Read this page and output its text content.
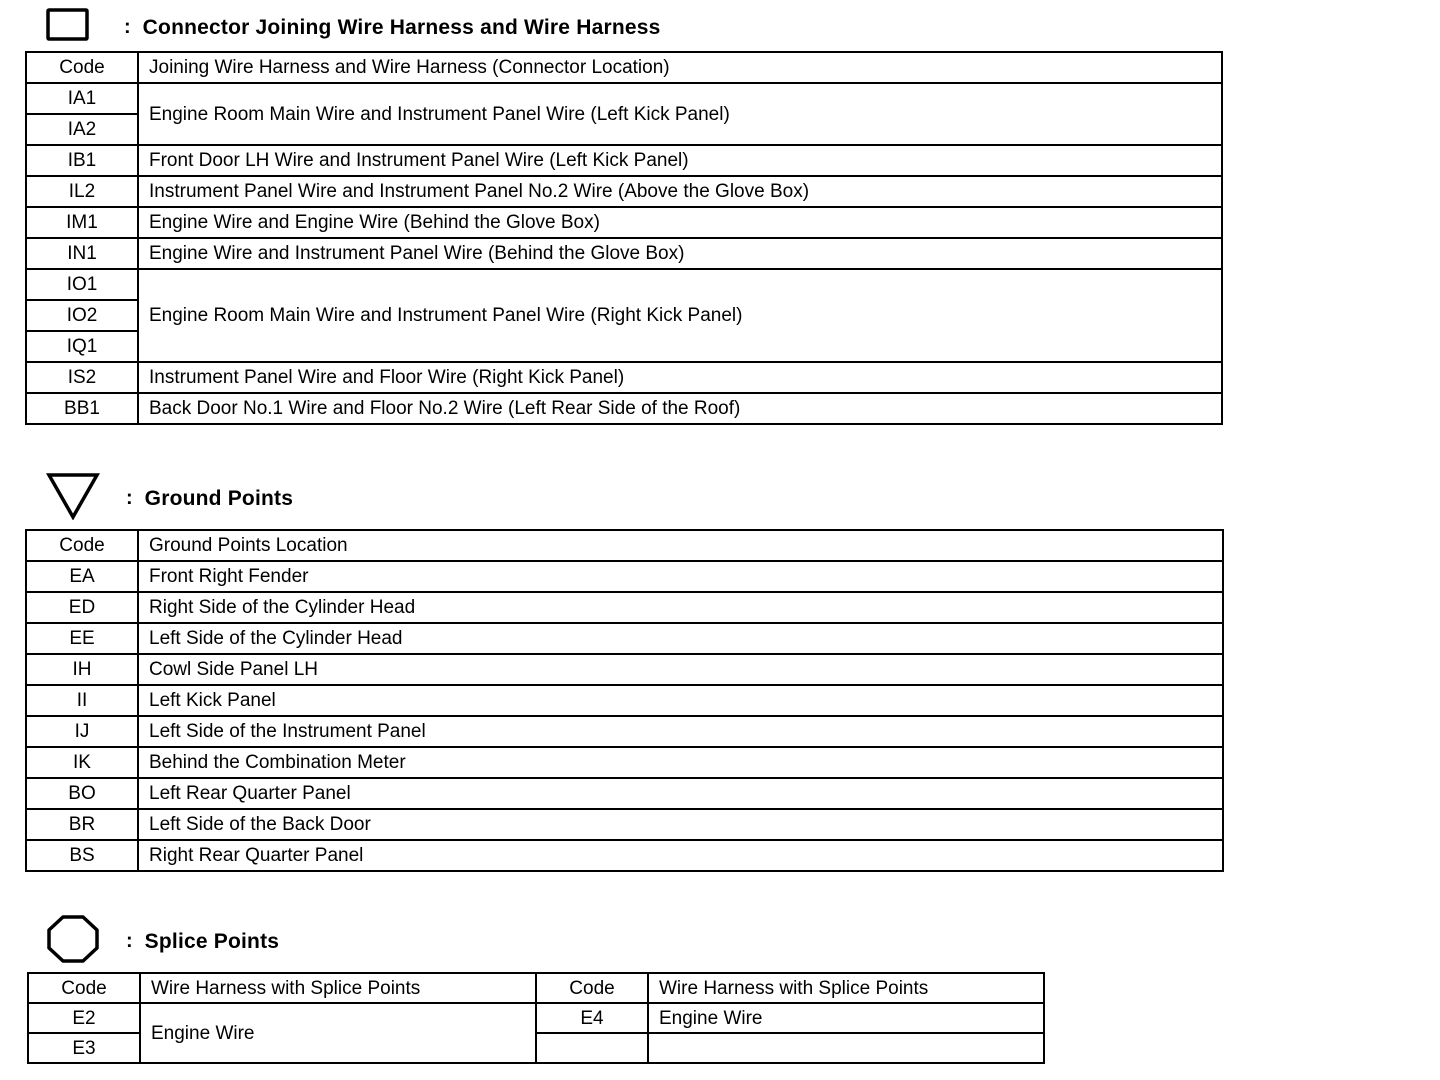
: Connector Joining Wire Harness and Wire Harness
Code	Joining Wire Harness and Wire Harness (Connector Location)
IA1	Engine Room Main Wire and Instrument Panel Wire (Left Kick Panel)
IA2	
IB1	Front Door LH Wire and Instrument Panel Wire (Left Kick Panel)
IL2	Instrument Panel Wire and Instrument Panel No.2 Wire (Above the Glove Box)
IM1	Engine Wire and Engine Wire (Behind the Glove Box)
IN1	Engine Wire and Instrument Panel Wire (Behind the Glove Box)
IO1	Engine Room Main Wire and Instrument Panel Wire (Right Kick Panel)
IO2	
IQ1	
IS2	Instrument Panel Wire and Floor Wire (Right Kick Panel)
BB1	Back Door No.1 Wire and Floor No.2 Wire (Left Rear Side of the Roof)
: Ground Points
Code	Ground Points Location
EA	Front Right Fender
ED	Right Side of the Cylinder Head
EE	Left Side of the Cylinder Head
IH	Cowl Side Panel LH
II	Left Kick Panel
IJ	Left Side of the Instrument Panel
IK	Behind the Combination Meter
BO	Left Rear Quarter Panel
BR	Left Side of the Back Door
BS	Right Rear Quarter Panel
: Splice Points
Code	Wire Harness with Splice Points	Code	Wire Harness with Splice Points
E2	Engine Wire	E4	Engine Wire
E3			
